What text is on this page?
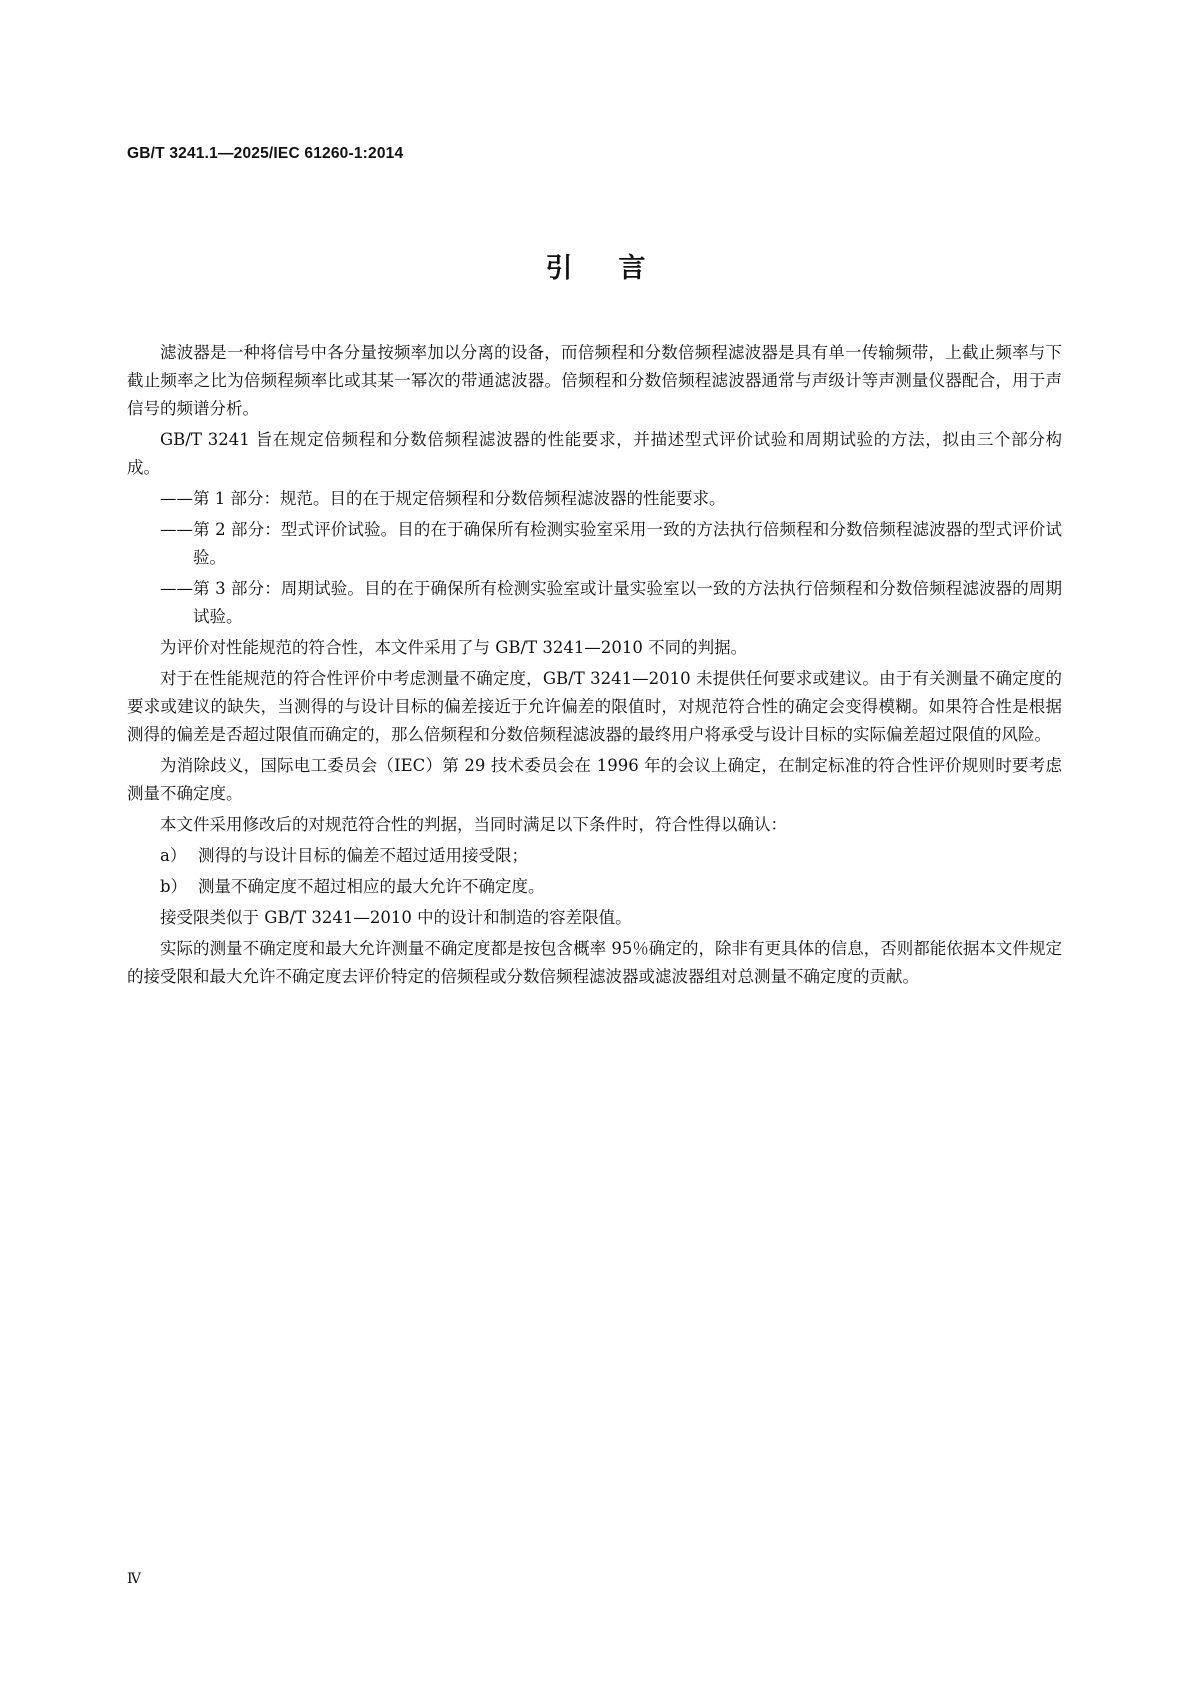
GB/T 3241.1—2025/IEC 61260-1:2014
引言

滤波器是一种将信号中各分量按频率加以分离的设备，而倍频程和分数倍频程滤波器是具有单一传输频带，上截止频率与下截止频率之比为倍频程频率比或其某一幂次的带通滤波器。倍频程和分数倍频程滤波器通常与声级计等声测量仪器配合，用于声信号的频谱分析。

GB/T 3241 旨在规定倍频程和分数倍频程滤波器的性能要求，并描述型式评价试验和周期试验的方法，拟由三个部分构成。

——第 1 部分：规范。目的在于规定倍频程和分数倍频程滤波器的性能要求。
——第 2 部分：型式评价试验。目的在于确保所有检测实验室采用一致的方法执行倍频程和分数倍频程滤波器的型式评价试验。
——第 3 部分：周期试验。目的在于确保所有检测实验室或计量实验室以一致的方法执行倍频程和分数倍频程滤波器的周期试验。

为评价对性能规范的符合性，本文件采用了与 GB/T 3241—2010 不同的判据。

对于在性能规范的符合性评价中考虑测量不确定度，GB/T 3241—2010 未提供任何要求或建议。由于有关测量不确定度的要求或建议的缺失，当测得的与设计目标的偏差接近于允许偏差的限值时，对规范符合性的确定会变得模糊。如果符合性是根据测得的偏差是否超过限值而确定的，那么倍频程和分数倍频程滤波器的最终用户将承受与设计目标的实际偏差超过限值的风险。

为消除歧义，国际电工委员会（IEC）第 29 技术委员会在 1996 年的会议上确定，在制定标准的符合性评价规则时要考虑测量不确定度。

本文件采用修改后的对规范符合性的判据，当同时满足以下条件时，符合性得以确认：

a） 测得的与设计目标的偏差不超过适用接受限；
b） 测量不确定度不超过相应的最大允许不确定度。

接受限类似于 GB/T 3241—2010 中的设计和制造的容差限值。

实际的测量不确定度和最大允许测量不确定度都是按包含概率 95％确定的，除非有更具体的信息，否则都能依据本文件规定的接受限和最大允许不确定度去评价特定的倍频程或分数倍频程滤波器或滤波器组对总测量不确定度的贡献。

Ⅳ
